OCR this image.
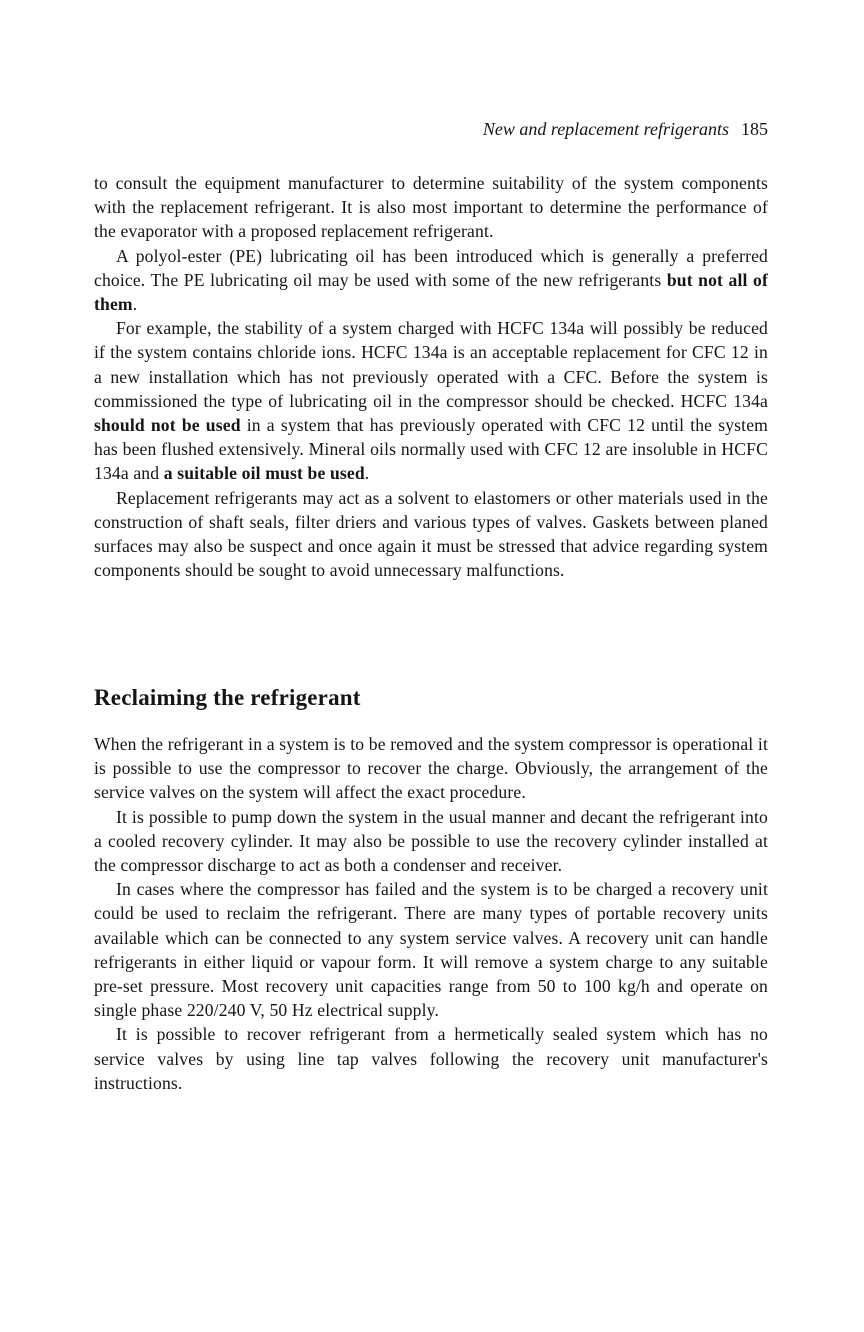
New and replacement refrigerants 185

to consult the equipment manufacturer to determine suitability of the system components with the replacement refrigerant. It is also most important to determine the performance of the evaporator with a proposed replacement refrigerant.

A polyol-ester (PE) lubricating oil has been introduced which is generally a preferred choice. The PE lubricating oil may be used with some of the new refrigerants but not all of them.

For example, the stability of a system charged with HCFC 134a will possibly be reduced if the system contains chloride ions. HCFC 134a is an acceptable replacement for CFC 12 in a new installation which has not previously operated with a CFC. Before the system is commissioned the type of lubricating oil in the compressor should be checked. HCFC 134a should not be used in a system that has previously operated with CFC 12 until the system has been flushed extensively. Mineral oils normally used with CFC 12 are insoluble in HCFC 134a and a suitable oil must be used.

Replacement refrigerants may act as a solvent to elastomers or other materials used in the construction of shaft seals, filter driers and various types of valves. Gaskets between planed surfaces may also be suspect and once again it must be stressed that advice regarding system components should be sought to avoid unnecessary malfunctions.

Reclaiming the refrigerant

When the refrigerant in a system is to be removed and the system compressor is operational it is possible to use the compressor to recover the charge. Obviously, the arrangement of the service valves on the system will affect the exact procedure.

It is possible to pump down the system in the usual manner and decant the refrigerant into a cooled recovery cylinder. It may also be possible to use the recovery cylinder installed at the compressor discharge to act as both a condenser and receiver.

In cases where the compressor has failed and the system is to be charged a recovery unit could be used to reclaim the refrigerant. There are many types of portable recovery units available which can be connected to any system service valves. A recovery unit can handle refrigerants in either liquid or vapour form. It will remove a system charge to any suitable pre-set pressure. Most recovery unit capacities range from 50 to 100 kg/h and operate on single phase 220/240 V, 50 Hz electrical supply.

It is possible to recover refrigerant from a hermetically sealed system which has no service valves by using line tap valves following the recovery unit manufacturer's instructions.
